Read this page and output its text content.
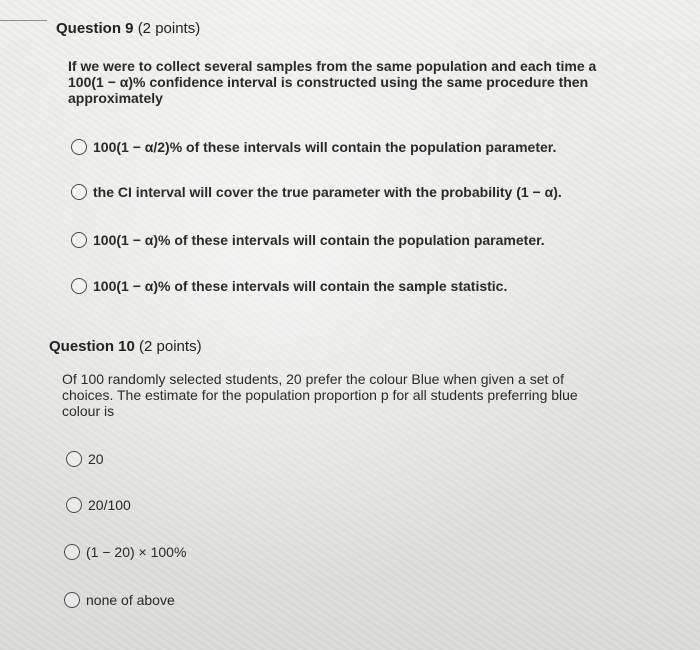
Question 9 (2 points)
If we were to collect several samples from the same population and each time a
100(1 − α)% confidence interval is constructed using the same procedure then
approximately
100(1 − α/2)% of these intervals will contain the population parameter.
the CI interval will cover the true parameter with the probability (1 − α).
100(1 − α)% of these intervals will contain the population parameter.
100(1 − α)% of these intervals will contain the sample statistic.
Question 10 (2 points)
Of 100 randomly selected students, 20 prefer the colour Blue when given a set of
choices. The estimate for the population proportion p for all students preferring blue
colour is
20
20/100
(1 − 20) × 100%
none of above
